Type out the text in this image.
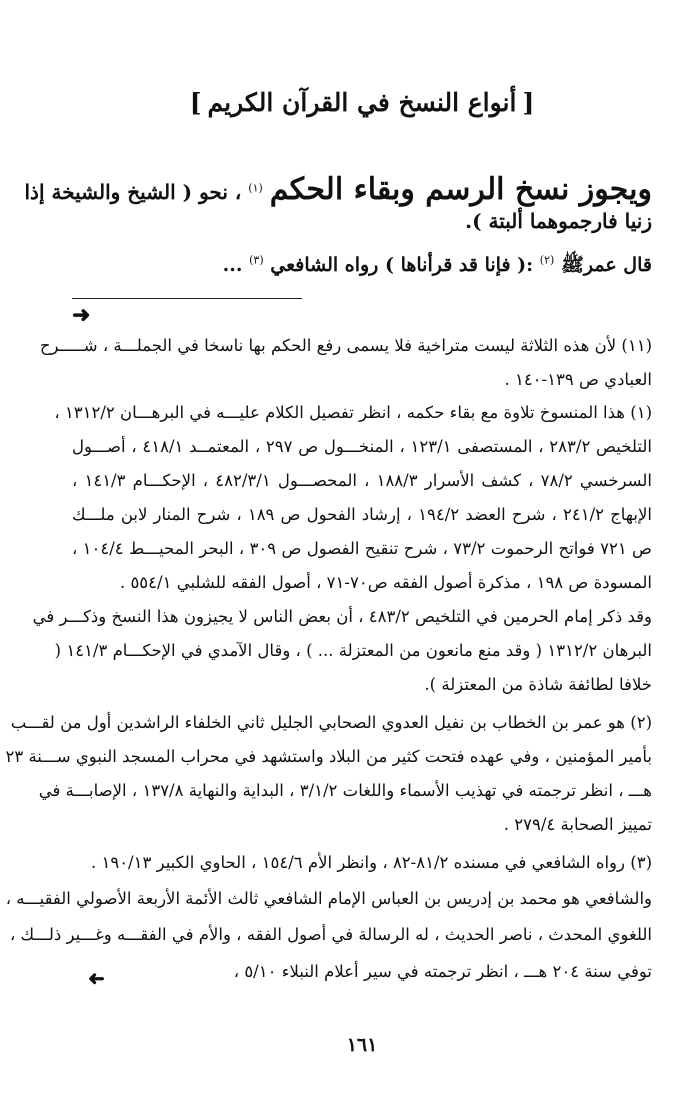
[أنواع النسخ في القرآن الكريم]
ويجوز نسخ الرسم وبقاء الحكم $^{(١)}$ ، نحو ( الشيخ والشيخة إذا
زنيا فارجموهما ألبتة ).
قال عمرﷺ $^{(٢)}$ :( فإنا قد قرأناها ) رواه الشافعي $^{(٣)}$ ...
➜
(١١) لأن هذه الثلاثة ليست متراخية فلا يسمى رفع الحكم بها ناسخا في الجملـــة ، شـــــرح
العبادي ص ١٣٩-١٤٠ .
(١) هذا المنسوخ تلاوة مع بقاء حكمه ، انظر تفصيل الكلام عليـــه في البرهـــان ١٣١٢/٢ ،
التلخيص ٢٨٣/٢ ، المستصفى ١٢٣/١ ، المنخـــول ص ٢٩٧ ، المعتمــد ٤١٨/١ ، أصـــول
السرخسي ٧٨/٢ ، كشف الأسرار ١٨٨/٣ ، المحصـــول ٤٨٢/٣/١ ، الإحكـــام ١٤١/٣ ،
الإبهاج ٢٤١/٢ ، شرح العضد ١٩٤/٢ ، إرشاد الفحول ص ١٨٩ ، شرح المنار لابن ملـــك
ص ٧٢١ فواتح الرحموت ٧٣/٢ ، شرح تنقيح الفصول ص ٣٠٩ ، البحر المحيـــط ١٠٤/٤ ،
المسودة ص ١٩٨ ، مذكرة أصول الفقه ص٧٠-٧١ ، أصول الفقه للشلبي ٥٥٤/١ .
وقد ذكر إمام الحرمين في التلخيص ٤٨٣/٢ ، أن بعض الناس لا يجيزون هذا النسخ وذكـــر في
البرهان ١٣١٢/٢ ( وقد منع مانعون من المعتزلة ... ) ، وقال الآمدي في الإحكـــام ١٤١/٣ (
خلافا لطائفة شاذة من المعتزلة ).
(٢) هو عمر بن الخطاب بن نفيل العدوي الصحابي الجليل ثاني الخلفاء الراشدين أول من لقـــب
بأمير المؤمنين ، وفي عهده فتحت كثير من البلاد واستشهد في محراب المسجد النبوي ســـنة ٢٣
هـــ ، انظر ترجمته في تهذيب الأسماء واللغات ٣/١/٢ ، البداية والنهاية ١٣٧/٨ ، الإصابـــة في
تمييز الصحابة ٢٧٩/٤ .
(٣) رواه الشافعي في مسنده ٨١/٢-٨٢ ، وانظر الأم ١٥٤/٦ ، الحاوي الكبير ١٩٠/١٣ .
والشافعي هو محمد بن إدريس بن العباس الإمام الشافعي ثالث الأئمة الأربعة الأصولي الفقيـــه ،
اللغوي المحدث ، ناصر الحديث ، له الرسالة في أصول الفقه ، والأم في الفقـــه وغـــير ذلـــك ،
توفي سنة ٢٠٤ هـــ ، انظر ترجمته في سير أعلام النبلاء ٥/١٠ ،
➜
١٦١
